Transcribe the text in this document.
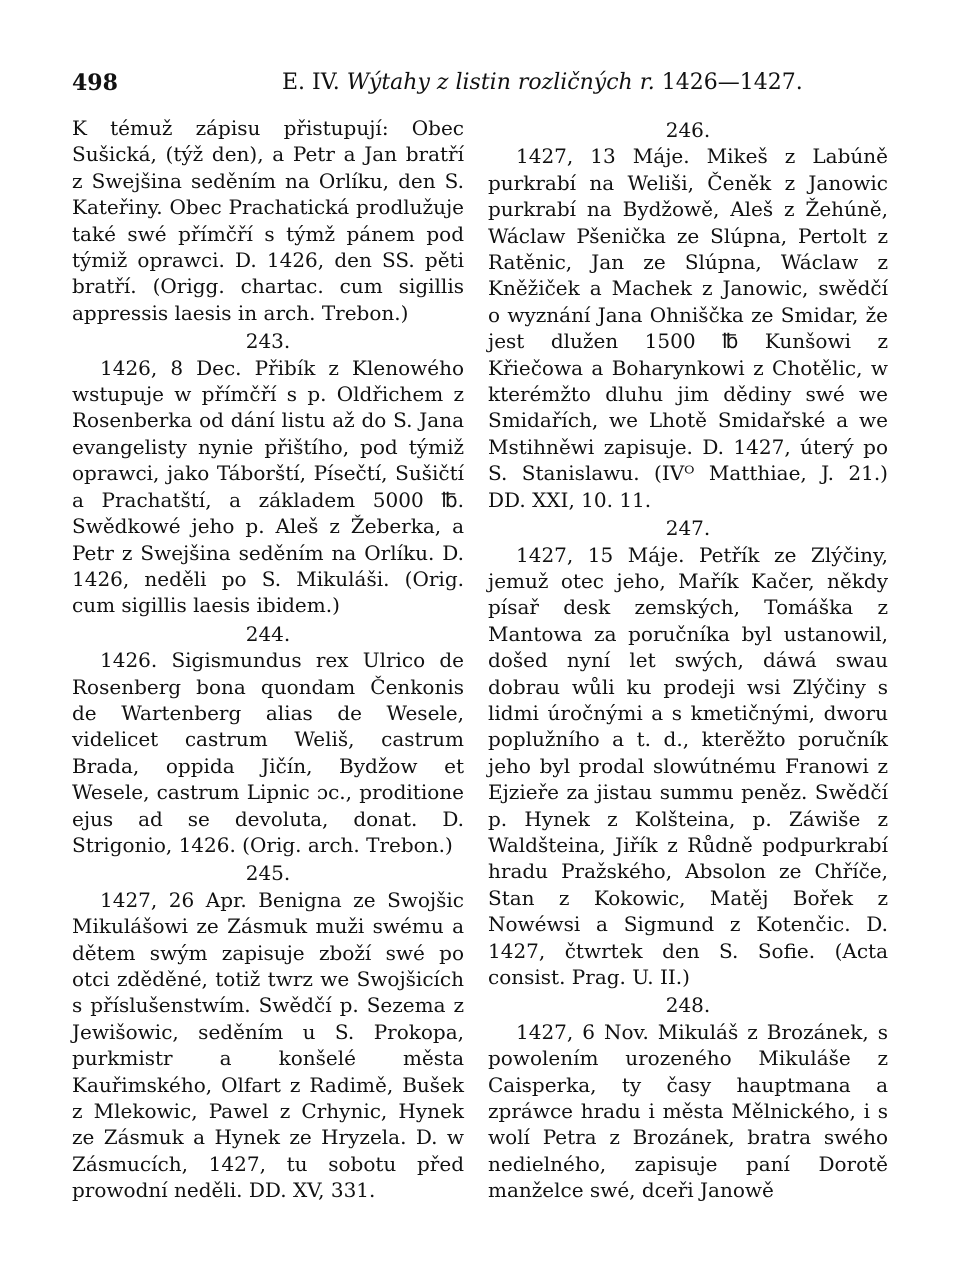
498	E. IV. Wýtahy z listin rozličných r. 1426—1427.

K témuž zápisu přistupují: Obec Sušická, (týž den), a Petr a Jan bratří z Swejšina seděním na Orlíku, den S. Kateřiny. Obec Prachatická prodlužuje také swé přímčří s týmž pánem pod týmiž oprawci. D. 1426, den SS. pěti bratří. (Origg. chartac. cum sigillis appressis laesis in arch. Trebon.)

243.

1426, 8 Dec. Přibík z Klenowého wstupuje w přímčří s p. Oldřichem z Rosenberka od dání listu až do S. Jana evangelisty nynie přištího, pod týmiž oprawci, jako Táborští, Písečtí, Sušičtí a Prachatští, a základem 5000 ℔. Swědkowé jeho p. Aleš z Žeberka, a Petr z Swejšina seděním na Orlíku. D. 1426, neděli po S. Mikuláši. (Orig. cum sigillis laesis ibidem.)

244.

1426. Sigismundus rex Ulrico de Rosenberg bona quondam Čenkonis de Wartenberg alias de Wesele, videlicet castrum Weliš, castrum Brada, oppida Jičín, Bydžow et Wesele, castrum Lipnic ɔc., proditione ejus ad se devoluta, donat. D. Strigonio, 1426. (Orig. arch. Trebon.)

245.

1427, 26 Apr. Benigna ze Swojšic Mikulášowi ze Zásmuk muži swému a dětem swým zapisuje zboží swé po otci zděděné, totiž twrz we Swojšicích s příslušenstwím. Swědčí p. Sezema z Jewišowic, seděním u S. Prokopa, purkmistr a konšelé města Kauřimského, Olfart z Radimě, Bušek z Mlekowic, Pawel z Crhynic, Hynek ze Zásmuk a Hynek ze Hryzela. D. w Zásmucích, 1427, tu sobotu před prowodní neděli. DD. XV, 331.

246.

1427, 13 Máje. Mikeš z Labúně purkrabí na Weliši, Čeněk z Janowic purkrabí na Bydžowě, Aleš z Žehúně, Wáclaw Pšenička ze Slúpna, Pertolt z Ratěnic, Jan ze Slúpna, Wáclaw z Kněžiček a Machek z Janowic, swědčí o wyznání Jana Ohniščka ze Smidar, že jest dlužen 1500 ℔ Kunšowi z Křiečowa a Boharynkowi z Chotělic, w kterémžto dluhu jim dědiny swé we Smidařích, we Lhotě Smidařské a we Mstihněwi zapisuje. D. 1427, úterý po S. Stanislawu. (IVᴼ Matthiae, J. 21.) DD. XXI, 10. 11.

247.

1427, 15 Máje. Petřík ze Zlýčiny, jemuž otec jeho, Mařík Kačer, někdy písař desk zemských, Tomáška z Mantowa za poručníka byl ustanowil, došed nyní let swých, dáwá swau dobrau wůli ku prodeji wsi Zlýčiny s lidmi úročnými a s kmetičnými, dworu poplužního a t. d., kterěžto poručník jeho byl prodal slowútnému Franowi z Ejzieře za jistau summu peněz. Swědčí p. Hynek z Kolšteina, p. Záwiše z Waldšteina, Jiřík z Růdně podpurkrabí hradu Pražského, Absolon ze Chříče, Stan z Kokowic, Matěj Bořek z Nowéwsi a Sigmund z Kotenčic. D. 1427, čtwrtek den S. Sofie. (Acta consist. Prag. U. II.)

248.

1427, 6 Nov. Mikuláš z Brozánek, s powolením urozeného Mikuláše z Caisperka, ty časy hauptmana a zpráwce hradu i města Mělnického, i s wolí Petra z Brozánek, bratra swého nedielného, zapisuje paní Dorotě manželce swé, dceři Janowě
